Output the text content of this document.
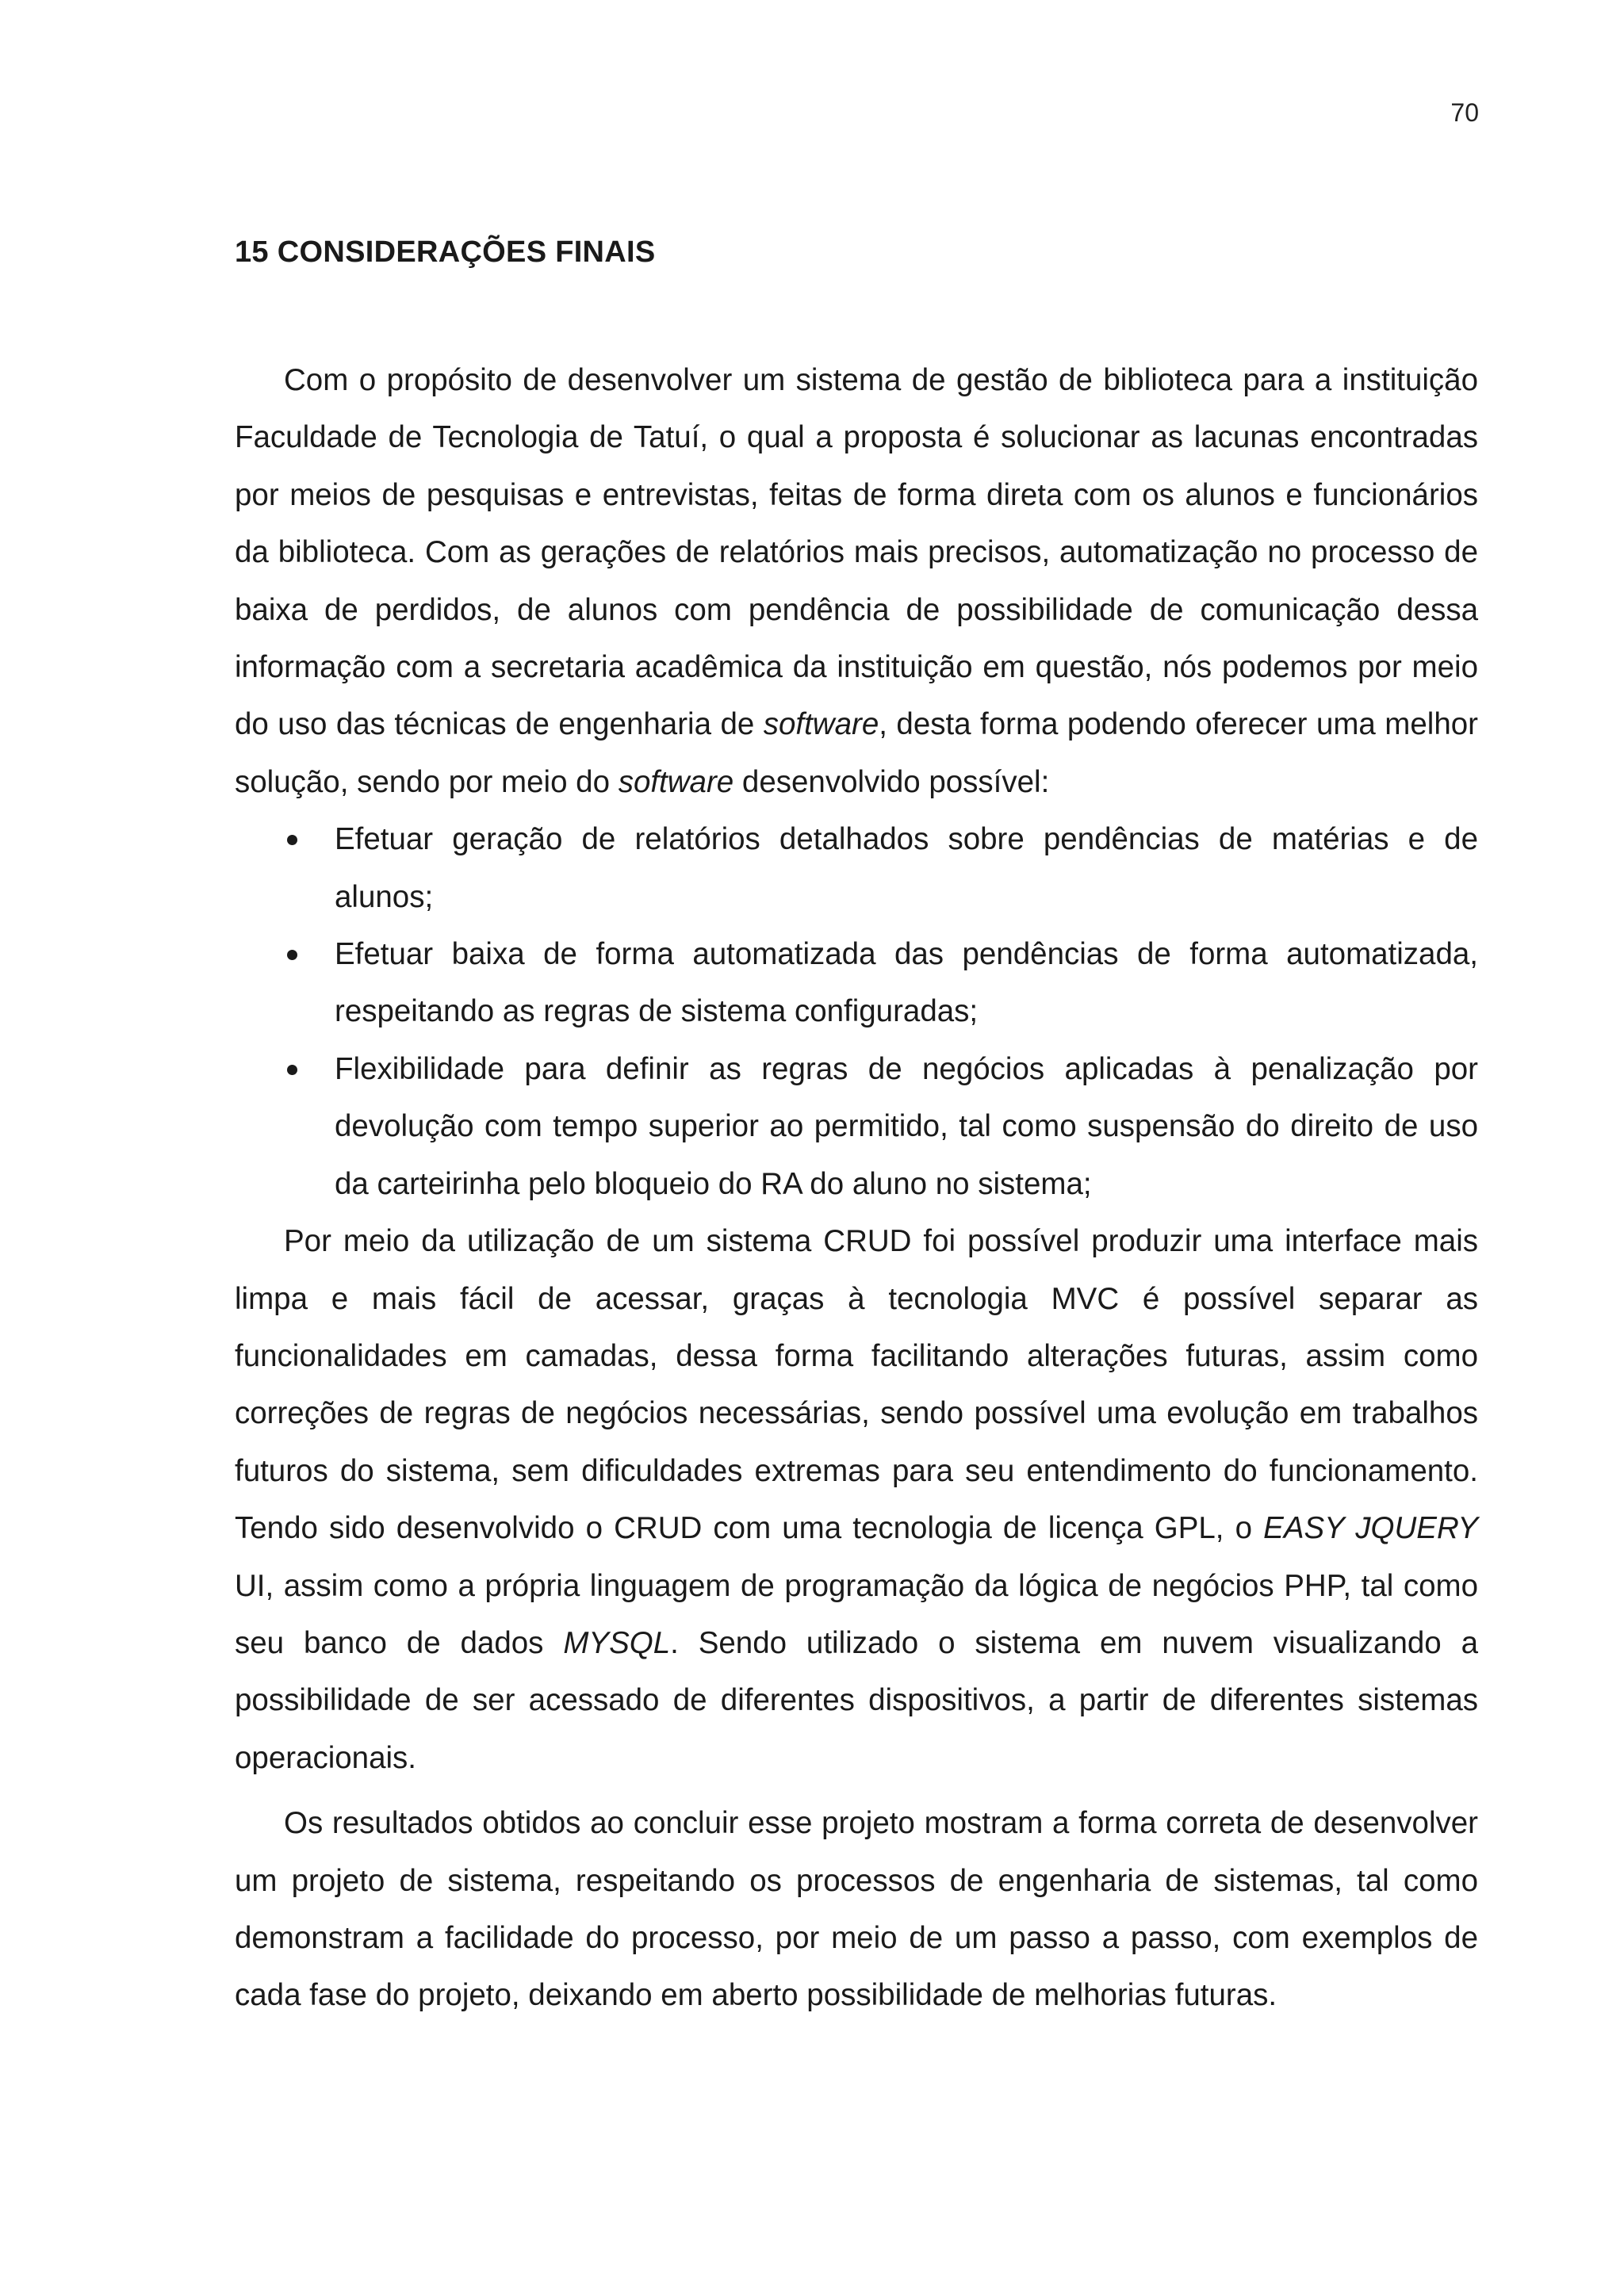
70
15 CONSIDERAÇÕES FINAIS

Com o propósito de desenvolver um sistema de gestão de biblioteca para a instituição Faculdade de Tecnologia de Tatuí, o qual a proposta é solucionar as lacunas encontradas por meios de pesquisas e entrevistas, feitas de forma direta com os alunos e funcionários da biblioteca. Com as gerações de relatórios mais precisos, automatização no processo de baixa de perdidos, de alunos com pendência de possibilidade de comunicação dessa informação com a secretaria acadêmica da instituição em questão, nós podemos por meio do uso das técnicas de engenharia de software, desta forma podendo oferecer uma melhor solução, sendo por meio do software desenvolvido possível:

Efetuar geração de relatórios detalhados sobre pendências de matérias e de alunos;
Efetuar baixa de forma automatizada das pendências de forma automatizada, respeitando as regras de sistema configuradas;
Flexibilidade para definir as regras de negócios aplicadas à penalização por devolução com tempo superior ao permitido, tal como suspensão do direito de uso da carteirinha pelo bloqueio do RA do aluno no sistema;

Por meio da utilização de um sistema CRUD foi possível produzir uma interface mais limpa e mais fácil de acessar, graças à tecnologia MVC é possível separar as funcionalidades em camadas, dessa forma facilitando alterações futuras, assim como correções de regras de negócios necessárias, sendo possível uma evolução em trabalhos futuros do sistema, sem dificuldades extremas para seu entendimento do funcionamento. Tendo sido desenvolvido o CRUD com uma tecnologia de licença GPL, o EASY JQUERY UI, assim como a própria linguagem de programação da lógica de negócios PHP, tal como seu banco de dados MYSQL. Sendo utilizado o sistema em nuvem visualizando a possibilidade de ser acessado de diferentes dispositivos, a partir de diferentes sistemas operacionais.

Os resultados obtidos ao concluir esse projeto mostram a forma correta de desenvolver um projeto de sistema, respeitando os processos de engenharia de sistemas, tal como demonstram a facilidade do processo, por meio de um passo a passo, com exemplos de cada fase do projeto, deixando em aberto possibilidade de melhorias futuras.
